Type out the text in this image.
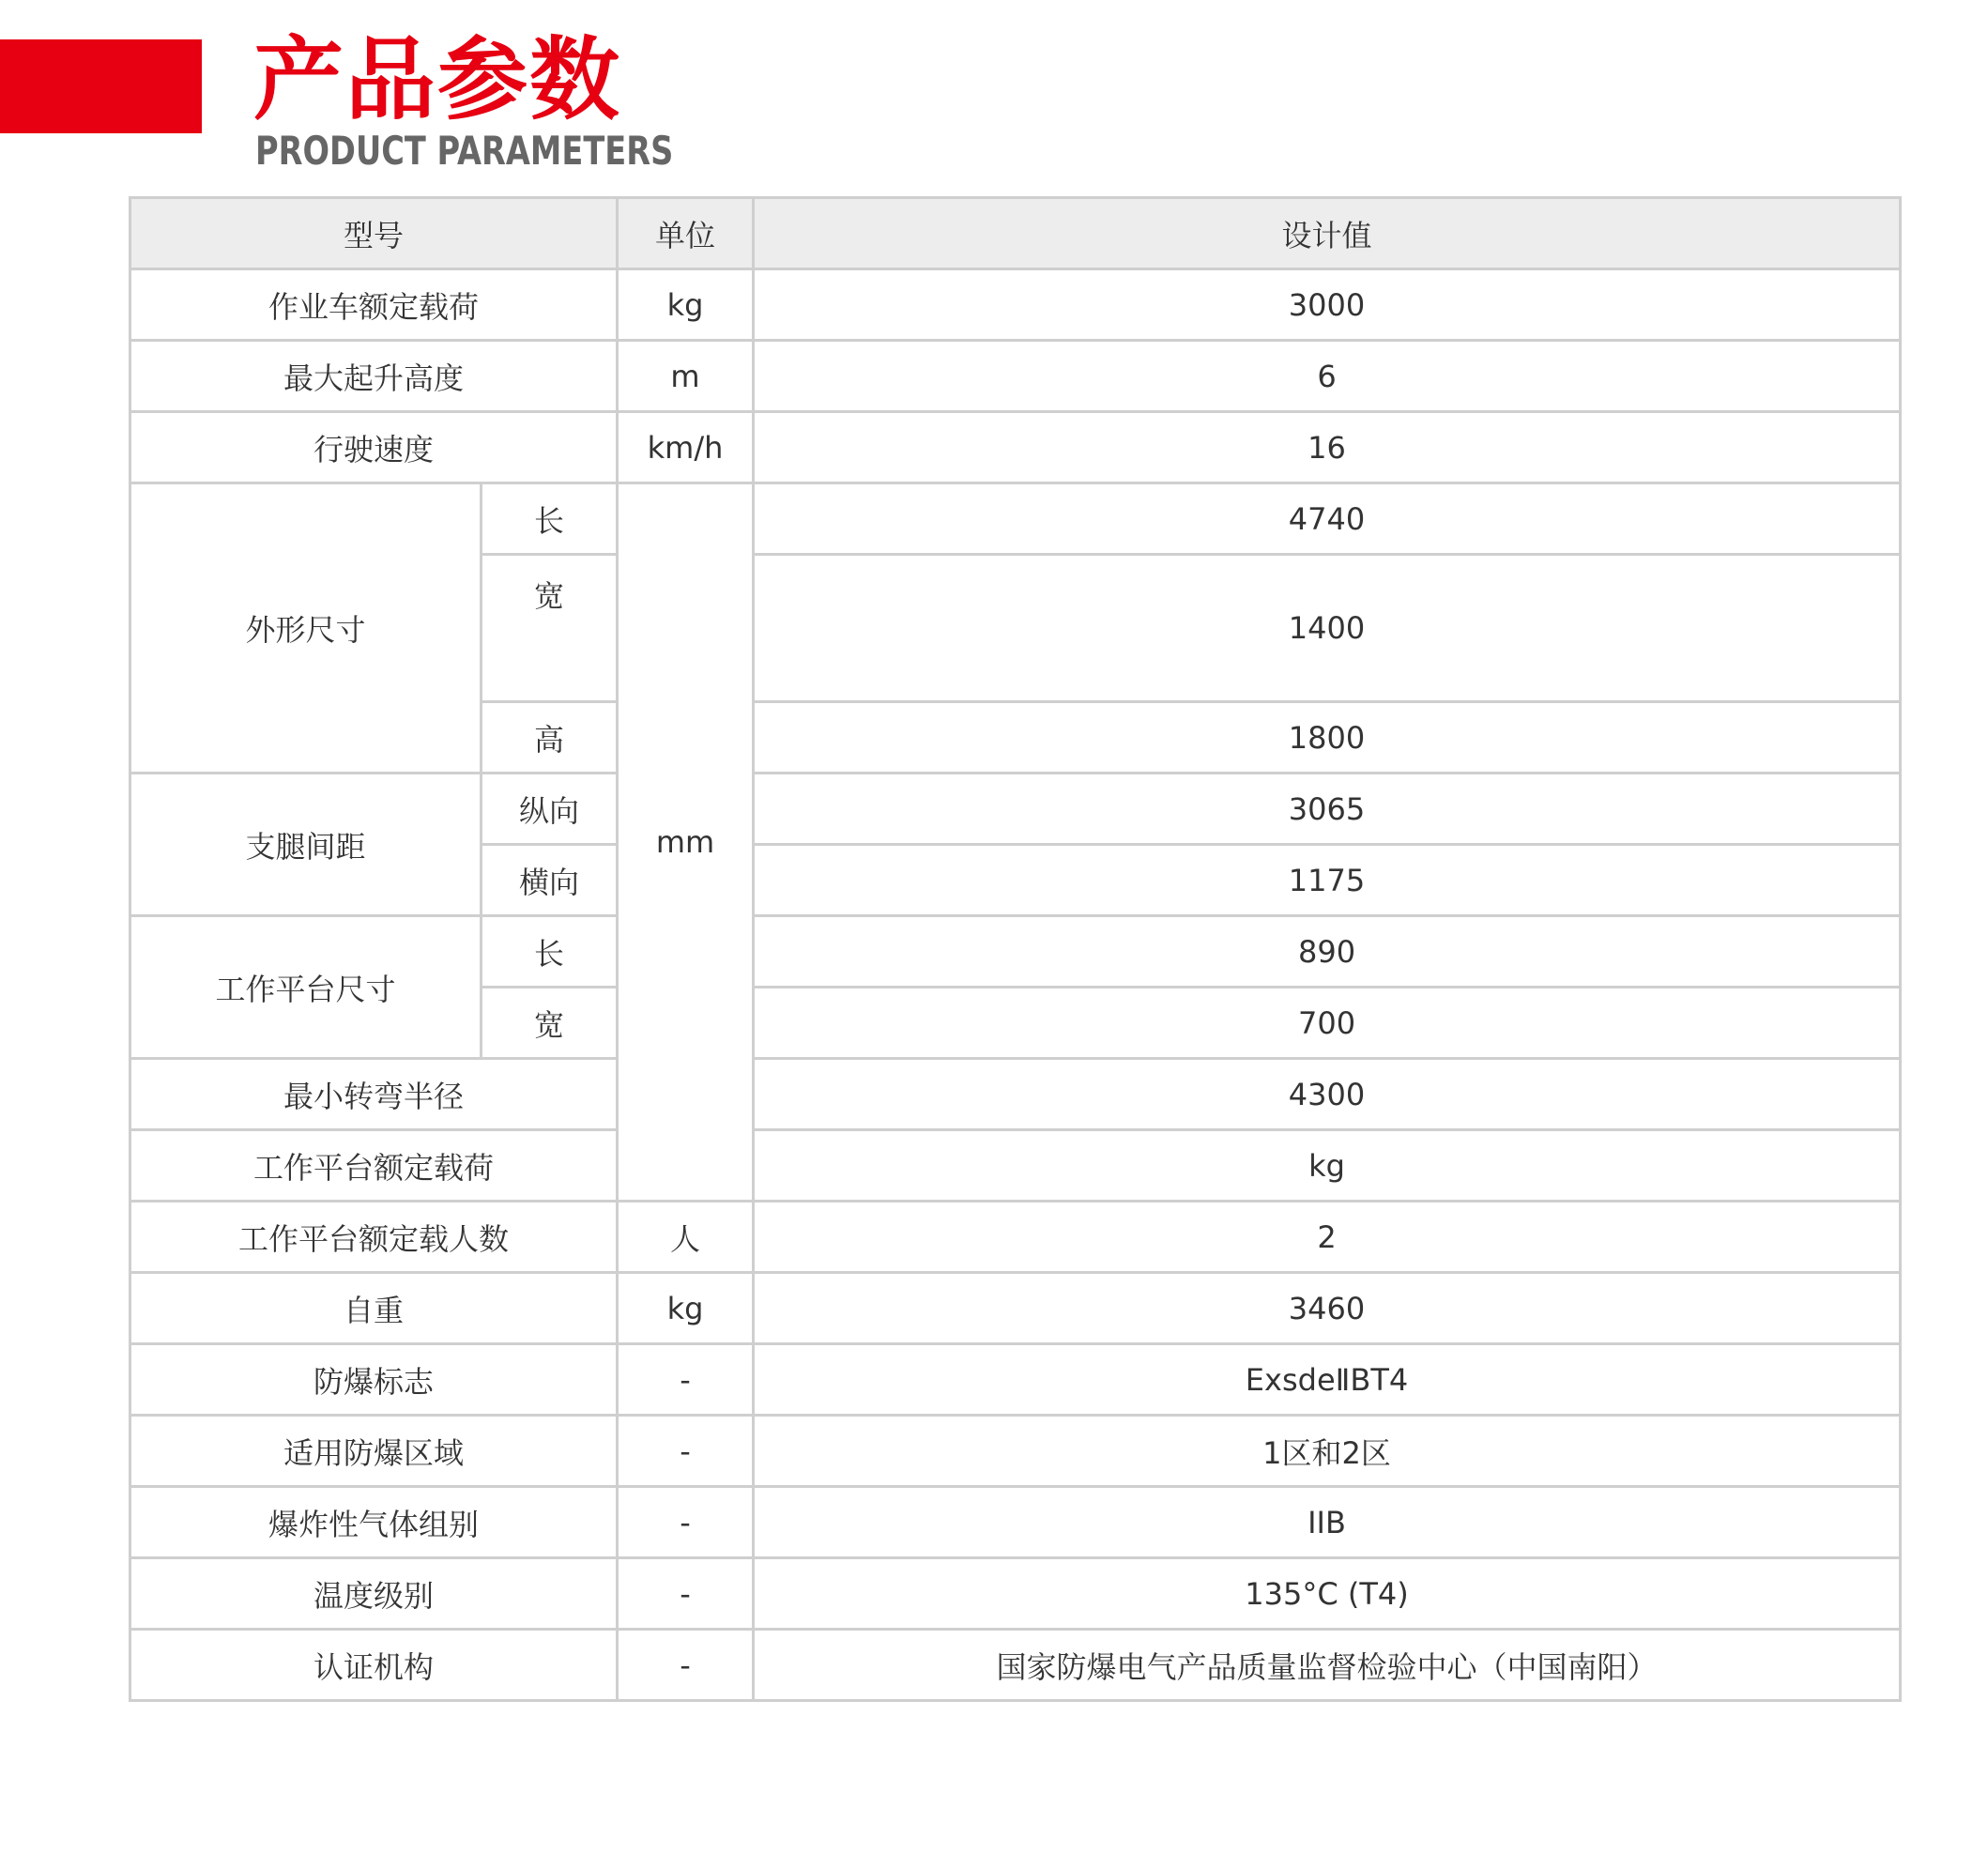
产品参数
PRODUCT PARAMETERS
型号		单位	设计值	
作业车额定载荷		kg	3000	
最大起升高度		m	6	
行驶速度		km/h	16	
外形尺寸	长	mm	4740	
	宽		1400	
	高		1800	
支腿间距	纵向		3065	
	横向		1175	
工作平台尺寸	长		890	
	宽		700	
最小转弯半径			4300	
工作平台额定载荷			kg	
工作平台额定载人数		人	2	
自重		kg	3460	
防爆标志		-	ExsdeⅡBT4	
适用防爆区域		-	1区和2区	
爆炸性气体组别		-	IIB	
温度级别		-	135°C (T4)	
认证机构		-	国家防爆电气产品质量监督检验中心（中国南阳）	
